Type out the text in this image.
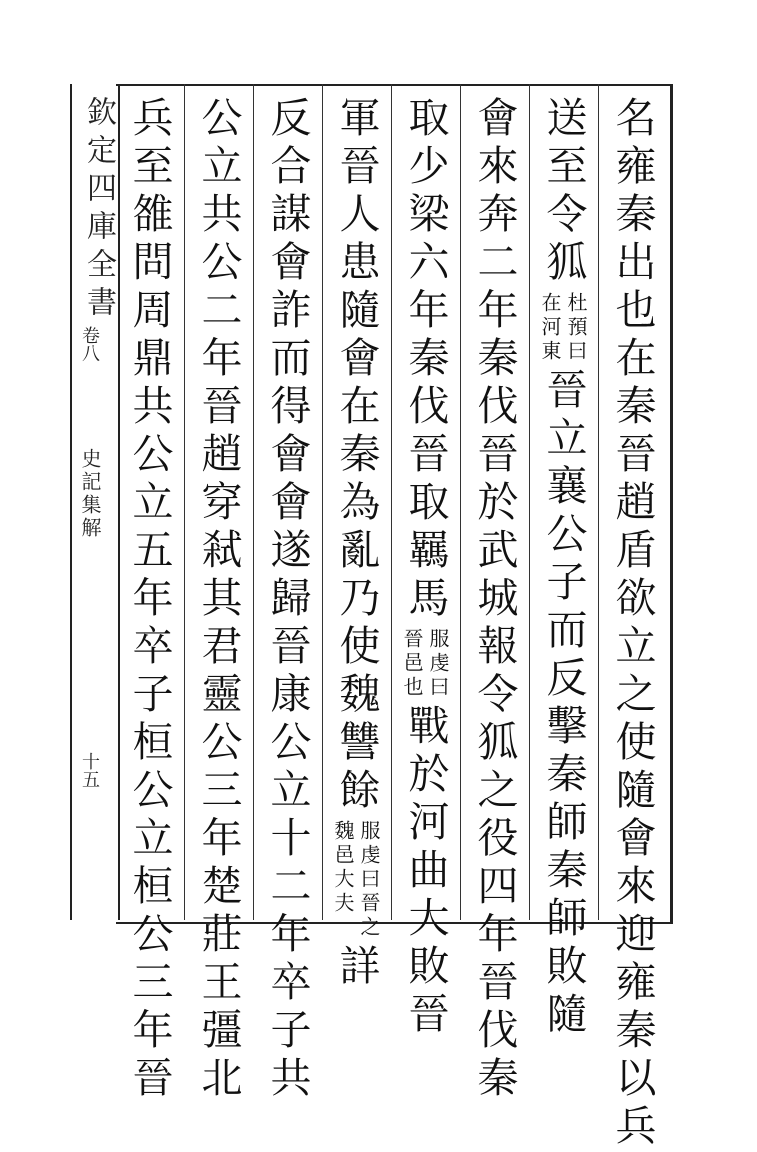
欽定四庫全書
卷八
史記集解
十五	名雍秦出也在秦晉趙盾欲立之使隨會來迎雍秦以兵
送至令狐
杜預曰
在河東
晉立襄公子而反擊秦師秦師敗隨
會來奔二年秦伐晉於武城報令狐之役四年晉伐秦
取少梁六年秦伐晉取羈馬
服虔曰
晉邑也
戰於河曲大敗晉
軍晉人患隨會在秦為亂乃使魏讐餘
服虔曰晉之
魏邑大夫
詳
反合謀會詐而得會會遂歸晉康公立十二年卒子共
公立共公二年晉趙穿弒其君靈公三年楚莊王彊北
兵至雒問周鼎共公立五年卒子桓公立桓公三年晉
